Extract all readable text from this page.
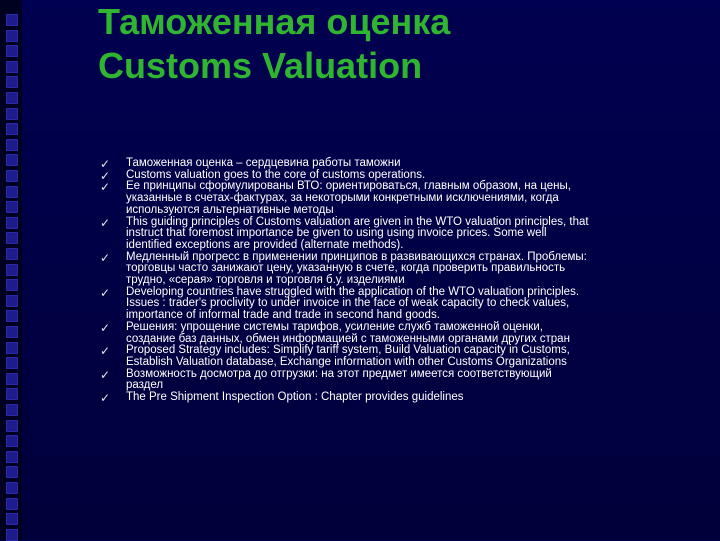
Таможенная оценка
Customs Valuation
✓ Таможенная оценка – сердцевина работы таможни
✓ Customs valuation goes to the core of customs operations.
✓ Ее принципы сформулированы ВТО: ориентироваться, главным образом, на цены,
указанные в счетах-фактурах, за некоторыми конкретными исключениями, когда
используются альтернативные методы
✓ This guiding principles of Customs valuation are given in the WTO valuation principles, that
instruct that foremost importance be given to using using invoice prices. Some well
identified exceptions are provided (alternate methods).
✓ Медленный прогресс в применении принципов в развивающихся странах. Проблемы:
торговцы часто занижают цену, указанную в счете, когда проверить правильность
трудно, «серая» торговля и торговля б.у. изделиями
✓ Developing countries have struggled with the application of the WTO valuation principles.
Issues : trader's proclivity to under invoice in the face of weak capacity to check values,
importance of informal trade and trade in second hand goods.
✓ Решения: упрощение системы тарифов, усиление служб таможенной оценки,
создание баз данных, обмен информацией с таможенными органами других стран
✓ Proposed Strategy includes: Simplify tariff system, Build Valuation capacity in Customs,
Establish Valuation database, Exchange information with other Customs Organizations
✓ Возможность досмотра до отгрузки: на этот предмет имеется соответствующий
раздел
✓ The Pre Shipment Inspection Option : Chapter provides guidelines
